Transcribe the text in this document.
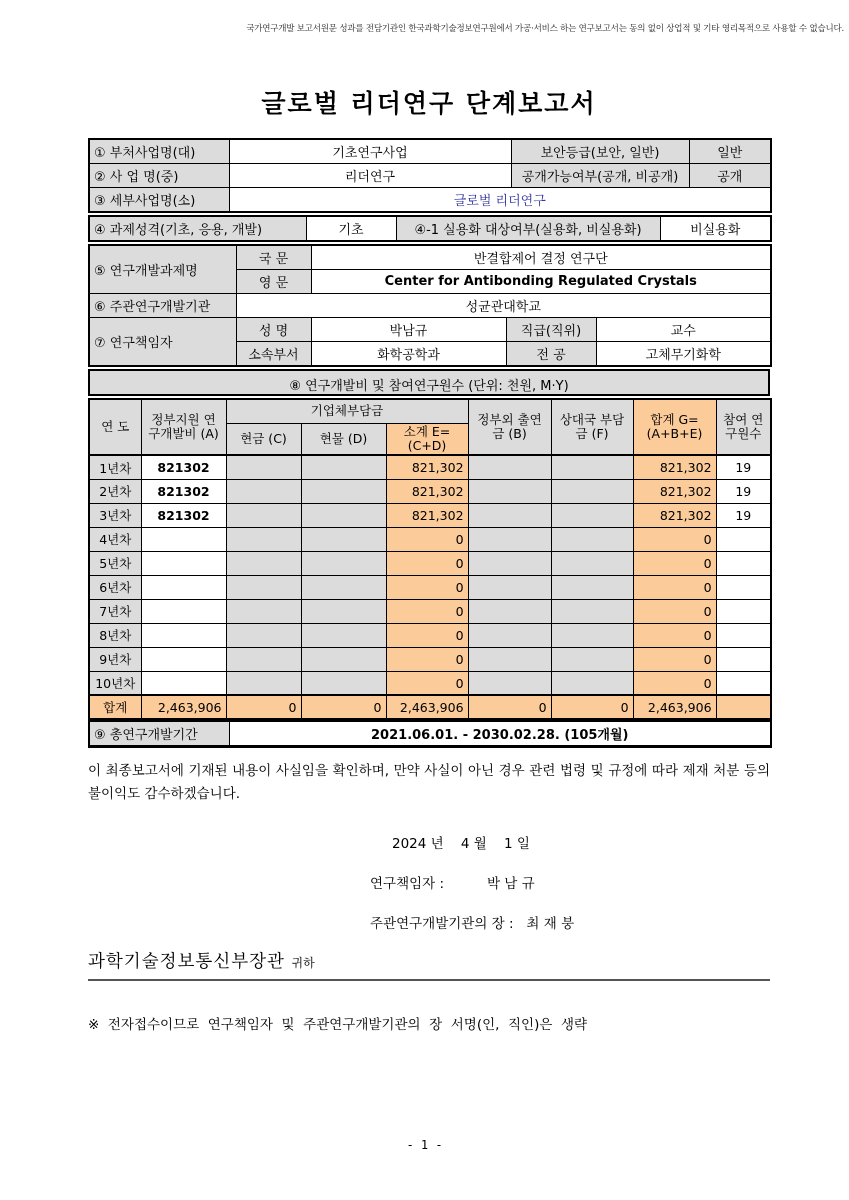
국가연구개발 보고서원문 성과를 전담기관인 한국과학기술정보연구원에서 가공·서비스 하는 연구보고서는 동의 없이 상업적 및 기타 영리목적으로 사용할 수 없습니다.
글로벌 리더연구 단계보고서
① 부처사업명(대)	기초연구사업	보안등급(보안, 일반)	일반
② 사 업 명(중)	리더연구	공개가능여부(공개, 비공개)	공개
③ 세부사업명(소)	글로벌 리더연구		
④ 과제성격(기초, 응용, 개발)	기초	④-1 실용화 대상여부(실용화, 비실용화)	비실용화
⑤ 연구개발과제명	국 문	반결합제어 결정 연구단		
	영 문	Center for Antibonding Regulated Crystals		
⑥ 주관연구개발기관	성균관대학교			
⑦ 연구책임자	성 명	박남규	직급(직위)	교수
	소속부서	화학공학과	전 공	고체무기화학
⑧ 연구개발비 및 참여연구원수 (단위: 천원, M·Y)
연 도	정부지원 연구개발비 (A)	기업체부담금			정부외 출연금 (B)	상대국 부담금 (F)	합계 G=(A+B+E)	참여 연구원수
		현금 (C)	현물 (D)	소계 E=(C+D)				
1년차	821302			821,302			821,302	19
2년차	821302			821,302			821,302	19
3년차	821302			821,302			821,302	19
4년차				0			0	
5년차				0			0	
6년차				0			0	
7년차				0			0	
8년차				0			0	
9년차				0			0	
10년차				0			0	
합계	2,463,906	0	0	2,463,906	0	0	2,463,906	
⑨ 총연구개발기간	2021.06.01. - 2030.02.28. (105개월)
이 최종보고서에 기재된 내용이 사실임을 확인하며, 만약 사실이 아닌 경우 관련 법령 및 규정에 따라 제재 처분 등의 불이익도 감수하겠습니다.
2024 년    4 월    1 일
연구책임자 :          박 남 규
주관연구개발기관의 장 :   최 재 붕
과학기술정보통신부장관 귀하
※  전자접수이므로  연구책임자  및  주관연구개발기관의  장  서명(인,  직인)은  생략
- 1 -
